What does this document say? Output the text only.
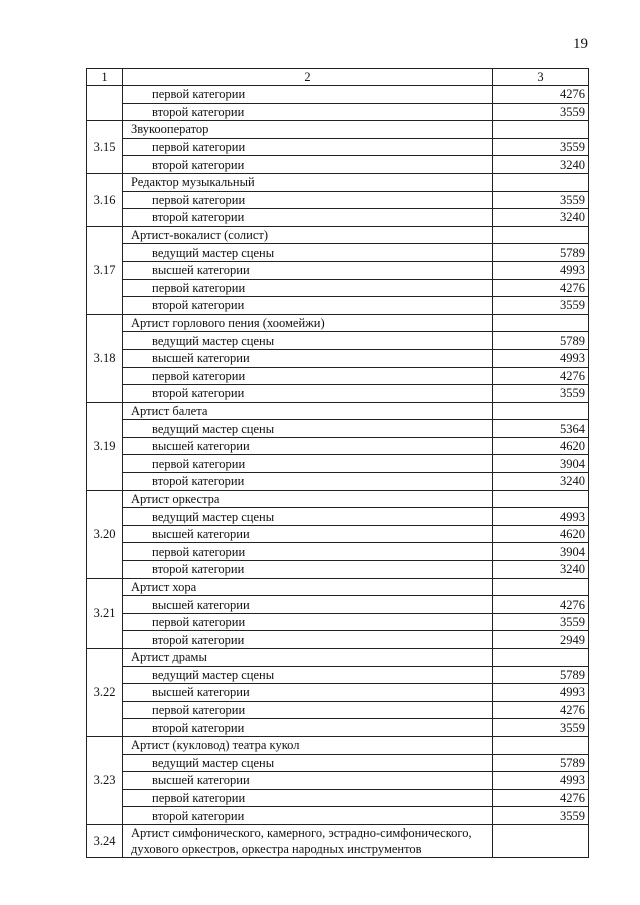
19
1	2	3
	первой категории	4276
	второй категории	3559
3.15	Звукооператор	
	первой категории	3559
	второй категории	3240
3.16	Редактор музыкальный	
	первой категории	3559
	второй категории	3240
3.17	Артист-вокалист (солист)	
	ведущий мастер сцены	5789
	высшей категории	4993
	первой категории	4276
	второй категории	3559
3.18	Артист горлового пения (хоомейжи)	
	ведущий мастер сцены	5789
	высшей категории	4993
	первой категории	4276
	второй категории	3559
3.19	Артист балета	
	ведущий мастер сцены	5364
	высшей категории	4620
	первой категории	3904
	второй категории	3240
3.20	Артист оркестра	
	ведущий мастер сцены	4993
	высшей категории	4620
	первой категории	3904
	второй категории	3240
3.21	Артист хора	
	высшей категории	4276
	первой категории	3559
	второй категории	2949
3.22	Артист драмы	
	ведущий мастер сцены	5789
	высшей категории	4993
	первой категории	4276
	второй категории	3559
3.23	Артист (кукловод) театра кукол	
	ведущий мастер сцены	5789
	высшей категории	4993
	первой категории	4276
	второй категории	3559
3.24	Артист симфонического, камерного, эстрадно-симфонического, духового оркестров, оркестра народных инструментов	
